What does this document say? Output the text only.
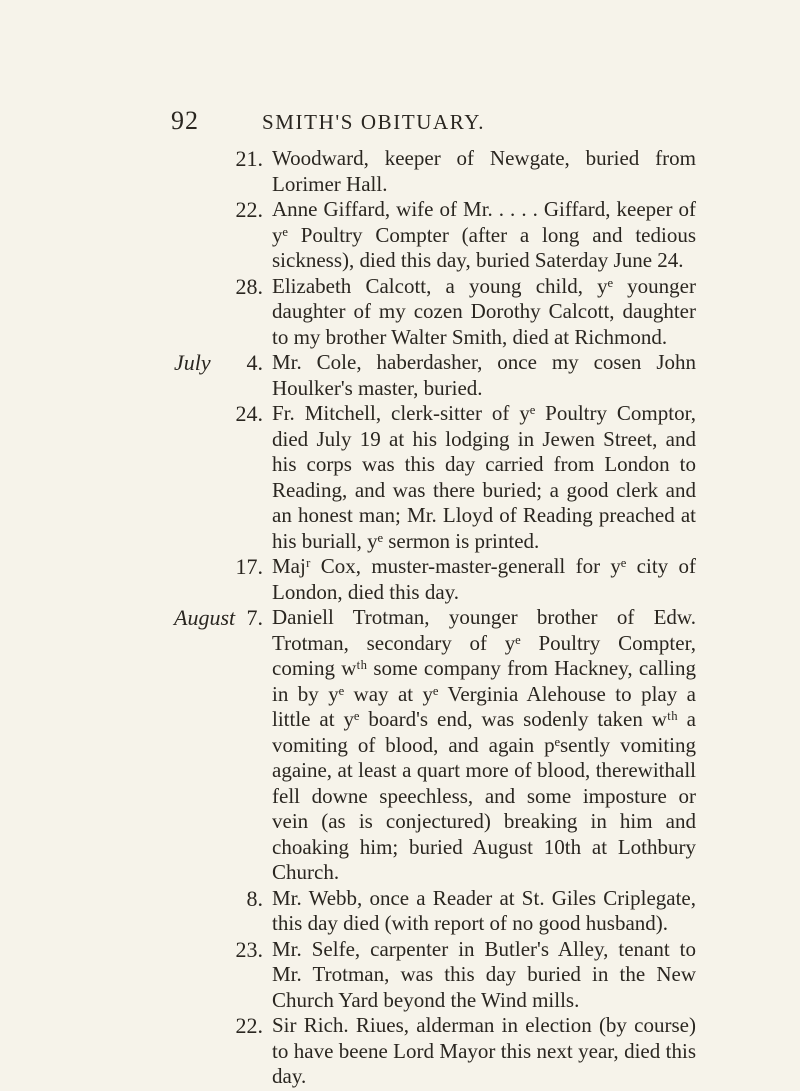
92	SMITH'S OBITUARY.
21. Woodward, keeper of Newgate, buried from Lorimer Hall.
22. Anne Giffard, wife of Mr. . . . . Giffard, keeper of yᵉ Poultry Compter (after a long and tedious sickness), died this day, buried Saterday June 24.
28. Elizabeth Calcott, a young child, yᵉ younger daughter of my cozen Dorothy Calcott, daughter to my brother Walter Smith, died at Richmond.
July	4. Mr. Cole, haberdasher, once my cosen John Houlker's master, buried.
24. Fr. Mitchell, clerk-sitter of yᵉ Poultry Comptor, died July 19 at his lodging in Jewen Street, and his corps was this day carried from London to Reading, and was there buried; a good clerk and an honest man; Mr. Lloyd of Reading preached at his buriall, yᵉ sermon is printed.
17. Majʳ Cox, muster-master-generall for yᵉ city of London, died this day.
August 7. Daniell Trotman, younger brother of Edw. Trotman, secondary of yᵉ Poultry Compter, coming wᵗʰ some company from Hackney, calling in by yᵉ way at yᵉ Verginia Alehouse to play a little at yᵉ board's end, was sodenly taken wᵗʰ a vomiting of blood, and again pᵉsently vomiting againe, at least a quart more of blood, therewithall fell downe speechless, and some imposture or vein (as is conjectured) breaking in him and choaking him; buried August 10th at Lothbury Church.
8. Mr. Webb, once a Reader at St. Giles Criplegate, this day died (with report of no good husband).
23. Mr. Selfe, carpenter in Butler's Alley, tenant to Mr. Trotman, was this day buried in the New Church Yard beyond the Wind mills.
22. Sir Rich. Riues, alderman in election (by course) to have beene Lord Mayor this next year, died this day.
